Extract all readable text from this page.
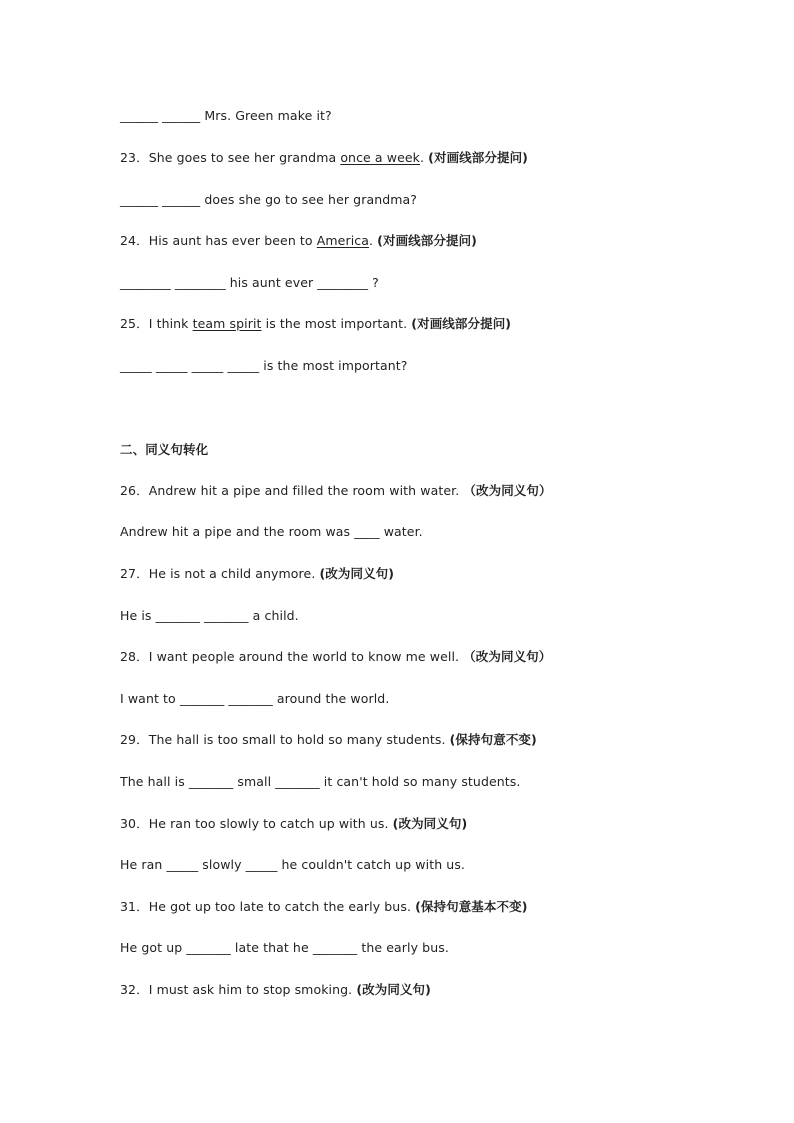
______ ______ Mrs. Green make it?
23．She goes to see her grandma once a week. (对画线部分提问)
______ ______ does she go to see her grandma?
24．His aunt has ever been to America. (对画线部分提问)
________ ________ his aunt ever ________ ?
25．I think team spirit is the most important. (对画线部分提问)
_____ _____ _____ _____ is the most important?
二、同义句转化
26．Andrew hit a pipe and filled the room with water. （改为同义句）
Andrew hit a pipe and the room was ____ water.
27．He is not a child anymore. (改为同义句)
He is _______ _______ a child.
28．I want people around the world to know me well. （改为同义句）
I want to _______ _______ around the world.
29．The hall is too small to hold so many students. (保持句意不变)
The hall is _______ small _______ it can't hold so many students.
30．He ran too slowly to catch up with us. (改为同义句)
He ran _____ slowly _____ he couldn't catch up with us.
31．He got up too late to catch the early bus. (保持句意基本不变)
He got up _______ late that he _______ the early bus.
32．I must ask him to stop smoking. (改为同义句)
